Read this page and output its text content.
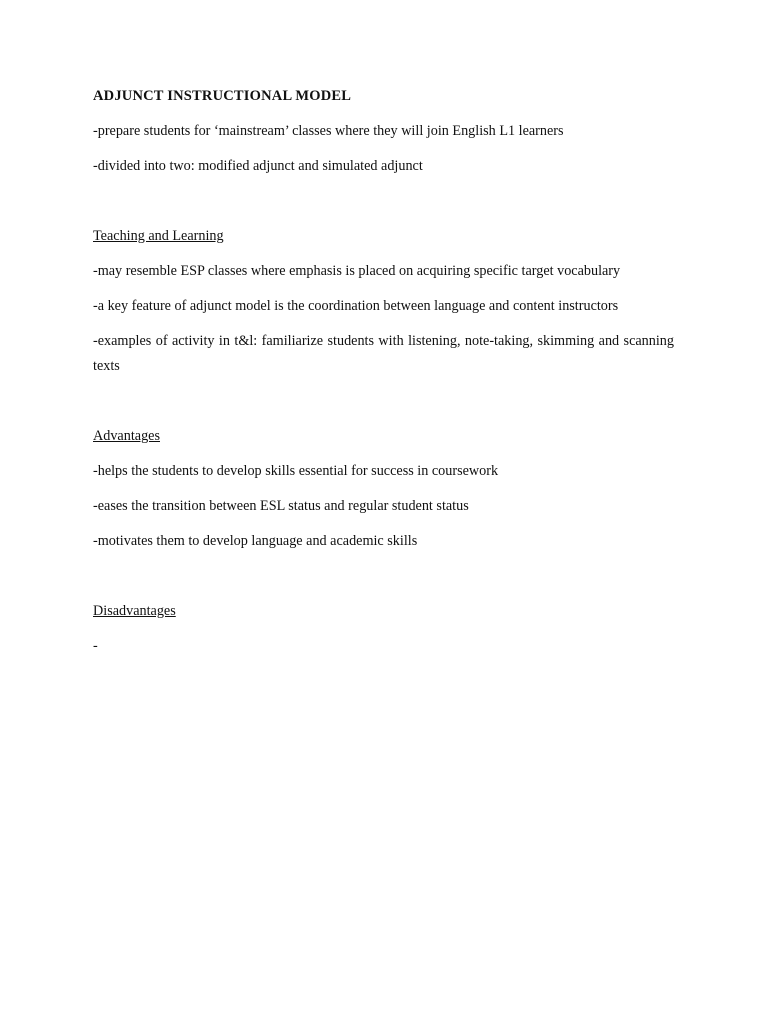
ADJUNCT INSTRUCTIONAL MODEL
-prepare students for ‘mainstream’ classes where they will join English L1 learners
-divided into two: modified adjunct and simulated adjunct
Teaching and Learning
-may resemble ESP classes where emphasis is placed on acquiring specific target vocabulary
-a key feature of adjunct model is the coordination between language and content instructors
-examples of activity in t&l: familiarize students with listening, note-taking, skimming and scanning texts
Advantages
-helps the students to develop skills essential for success in coursework
-eases the transition between ESL status and regular student status
-motivates them to develop language and academic skills
Disadvantages
-
